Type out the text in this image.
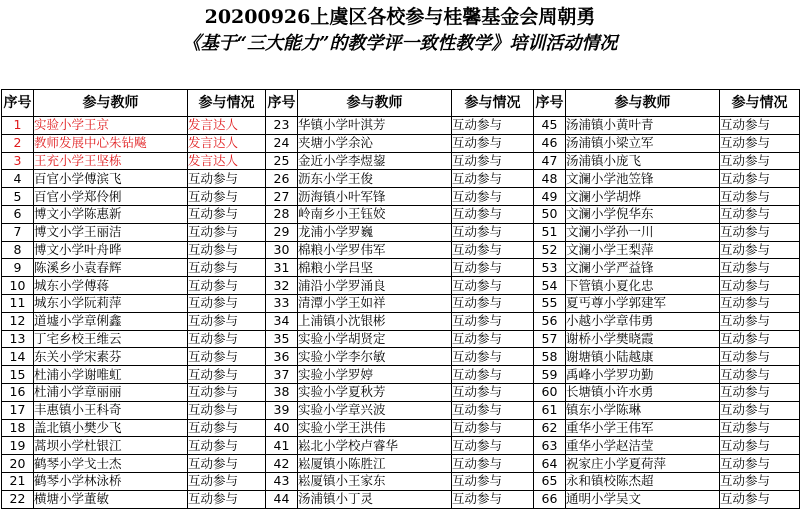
20200926上虞区各校参与桂馨基金会周朝勇
《基于“三大能力”的教学评一致性教学》培训活动情况
序号	参与教师	参与情况	序号	参与教师	参与情况	序号	参与教师	参与情况
1	实验小学王京	发言达人	23	华镇小学叶淇芳	互动参与	45	汤浦镇小黄叶青	互动参与
2	教师发展中心朱钻飚	发言达人	24	夹塘小学余沁	互动参与	46	汤浦镇小梁立军	互动参与
3	王充小学王坚栋	发言达人	25	金近小学李煜鋆	互动参与	47	汤浦镇小庞飞	互动参与
4	百官小学傅滨飞	互动参与	26	沥东小学王俊	互动参与	48	文澜小学池笠锋	互动参与
5	百官小学郑伶俐	互动参与	27	沥海镇小叶军锋	互动参与	49	文澜小学胡烨	互动参与
6	博文小学陈惠新	互动参与	28	岭南乡小王钰姣	互动参与	50	文澜小学倪华东	互动参与
7	博文小学王丽洁	互动参与	29	龙浦小学罗巍	互动参与	51	文澜小学孙一川	互动参与
8	博文小学叶舟晔	互动参与	30	棉粮小学罗伟军	互动参与	52	文澜小学王梨萍	互动参与
9	陈溪乡小袁春辉	互动参与	31	棉粮小学吕坚	互动参与	53	文澜小学严益锋	互动参与
10	城东小学傅蒋	互动参与	32	浦沿小学罗涌良	互动参与	54	下管镇小夏化忠	互动参与
11	城东小学阮莉萍	互动参与	33	清潭小学王如祥	互动参与	55	夏丐尊小学郭建军	互动参与
12	道墟小学章俐鑫	互动参与	34	上浦镇小沈银彬	互动参与	56	小越小学章伟勇	互动参与
13	丁宅乡校王维云	互动参与	35	实验小学胡贤定	互动参与	57	谢桥小学樊晓霞	互动参与
14	东关小学宋素芬	互动参与	36	实验小学李尔敏	互动参与	58	谢塘镇小陆越康	互动参与
15	杜浦小学谢唯虹	互动参与	37	实验小学罗婷	互动参与	59	禹峰小学罗功勤	互动参与
16	杜浦小学章丽丽	互动参与	38	实验小学夏秋芳	互动参与	60	长塘镇小许水勇	互动参与
17	丰惠镇小王科奇	互动参与	39	实验小学章兴波	互动参与	61	镇东小学陈琳	互动参与
18	盖北镇小樊少飞	互动参与	40	实验小学王洪伟	互动参与	62	重华小学王伟军	互动参与
19	蒿坝小学杜银江	互动参与	41	崧北小学校卢睿华	互动参与	63	重华小学赵洁莹	互动参与
20	鹤琴小学戈士杰	互动参与	42	崧厦镇小陈胜江	互动参与	64	祝家庄小学夏荷萍	互动参与
21	鹤琴小学林泳桥	互动参与	43	崧厦镇小王家东	互动参与	65	永和镇校陈杰超	互动参与
22	横塘小学董敏	互动参与	44	汤浦镇小丁灵	互动参与	66	通明小学吴文	互动参与
